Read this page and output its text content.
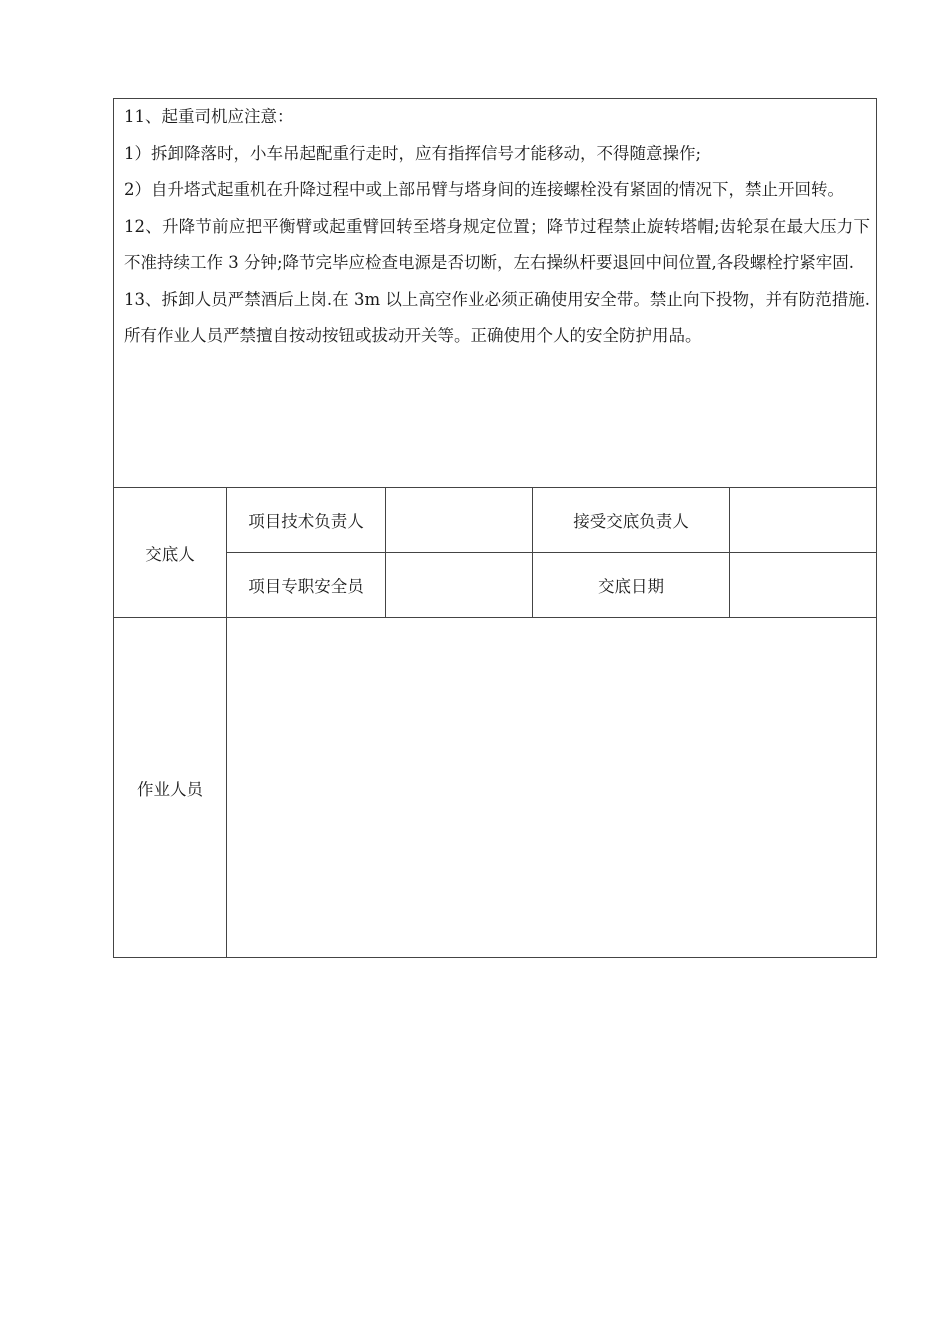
11、起重司机应注意：

1）拆卸降落时，小车吊起配重行走时，应有指挥信号才能移动，不得随意操作;

2）自升塔式起重机在升降过程中或上部吊臂与塔身间的连接螺栓没有紧固的情况下，禁止开回转。

12、升降节前应把平衡臂或起重臂回转至塔身规定位置；降节过程禁止旋转塔帽;齿轮泵在最大压力下不准持续工作 3 分钟;降节完毕应检查电源是否切断，左右操纵杆要退回中间位置,各段螺栓拧紧牢固.

13、拆卸人员严禁酒后上岗.在 3m 以上高空作业必须正确使用安全带。禁止向下投物，并有防范措施.所有作业人员严禁擅自按动按钮或拔动开关等。正确使用个人的安全防护用品。				

交底人	项目技术负责人		接受交底负责人	
	项目专职安全员		交底日期	
作业人员				
